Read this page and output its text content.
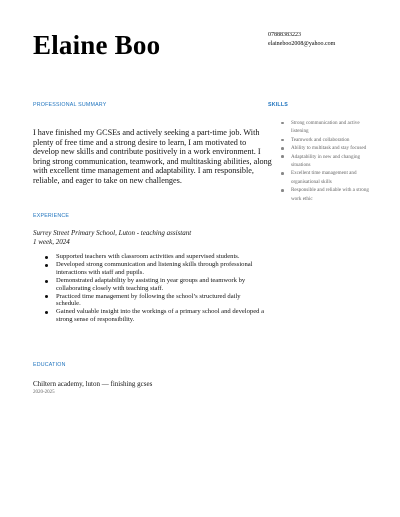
Elaine Boo	07888383223
elaineboo2008@yahoo.com
PROFESSIONAL SUMMARY
I have finished my GCSEs and actively seeking a part-time job. With plenty of free time and a strong desire to learn, I am motivated to develop new skills and contribute positively in a work environment. I bring strong communication, teamwork, and multitasking abilities, along with excellent time management and adaptability. I am responsible, reliable, and eager to take on new challenges.
EXPERIENCE
Surrey Street Primary School, Luton - teaching assistant
1 week, 2024
Supported teachers with classroom activities and supervised students.
Developed strong communication and listening skills through professional interactions with staff and pupils.
Demonstrated adaptability by assisting in year groups and teamwork by collaborating closely with teaching staff.
Practiced time management by following the school’s structured daily schedule.
Gained valuable insight into the workings of a primary school and developed a strong sense of responsibility.
EDUCATION
Chiltern academy, luton — finishing gcses
2020-2025
SKILLS
Strong communication and active listening
Teamwork and collaboration
Ability to multitask and stay focused
Adaptability in new and changing situations
Excellent time management and organisational skills
Responsible and reliable with a strong work ethic
